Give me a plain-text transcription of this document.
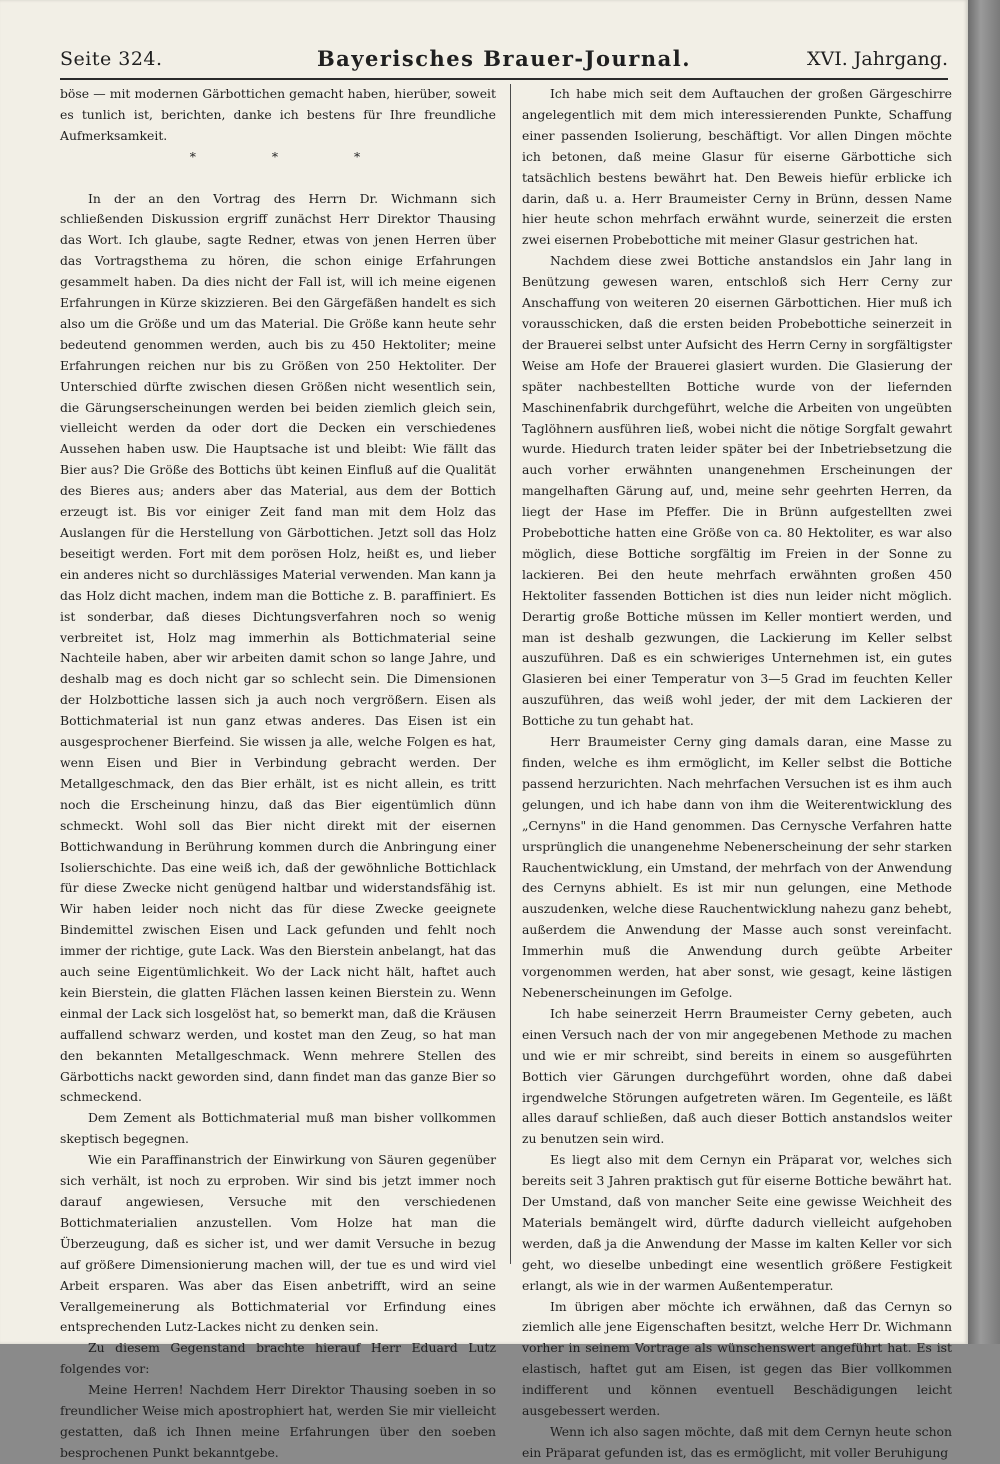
Seite 324.	Bayerisches Brauer-Journal.	XVI. Jahrgang.

böse — mit modernen Gärbottichen gemacht haben, hierüber, soweit es tunlich ist, berichten, danke ich bestens für Ihre freundliche Aufmerksamkeit.

* * *

In der an den Vortrag des Herrn Dr. Wichmann sich schließenden Diskussion ergriff zunächst Herr Direktor Thausing das Wort. Ich glaube, sagte Redner, etwas von jenen Herren über das Vortragsthema zu hören, die schon einige Erfahrungen gesammelt haben. Da dies nicht der Fall ist, will ich meine eigenen Erfahrungen in Kürze skizzieren. Bei den Gärgefäßen handelt es sich also um die Größe und um das Material. Die Größe kann heute sehr bedeutend genommen werden, auch bis zu 450 Hektoliter; meine Erfahrungen reichen nur bis zu Größen von 250 Hektoliter. Der Unterschied dürfte zwischen diesen Größen nicht wesentlich sein, die Gärungserscheinungen werden bei beiden ziemlich gleich sein, vielleicht werden da oder dort die Decken ein verschiedenes Aussehen haben usw. Die Hauptsache ist und bleibt: Wie fällt das Bier aus? Die Größe des Bottichs übt keinen Einfluß auf die Qualität des Bieres aus; anders aber das Material, aus dem der Bottich erzeugt ist. Bis vor einiger Zeit fand man mit dem Holz das Auslangen für die Herstellung von Gärbottichen. Jetzt soll das Holz beseitigt werden. Fort mit dem porösen Holz, heißt es, und lieber ein anderes nicht so durchlässiges Material verwenden. Man kann ja das Holz dicht machen, indem man die Bottiche z. B. paraffiniert. Es ist sonderbar, daß dieses Dichtungsverfahren noch so wenig verbreitet ist, Holz mag immerhin als Bottichmaterial seine Nachteile haben, aber wir arbeiten damit schon so lange Jahre, und deshalb mag es doch nicht gar so schlecht sein. Die Dimensionen der Holzbottiche lassen sich ja auch noch vergrößern. Eisen als Bottichmaterial ist nun ganz etwas anderes. Das Eisen ist ein ausgesprochener Bierfeind. Sie wissen ja alle, welche Folgen es hat, wenn Eisen und Bier in Verbindung gebracht werden. Der Metallgeschmack, den das Bier erhält, ist es nicht allein, es tritt noch die Erscheinung hinzu, daß das Bier eigentümlich dünn schmeckt. Wohl soll das Bier nicht direkt mit der eisernen Bottichwandung in Berührung kommen durch die Anbringung einer Isolierschichte. Das eine weiß ich, daß der gewöhnliche Bottichlack für diese Zwecke nicht genügend haltbar und widerstandsfähig ist. Wir haben leider noch nicht das für diese Zwecke geeignete Bindemittel zwischen Eisen und Lack gefunden und fehlt noch immer der richtige, gute Lack. Was den Bierstein anbelangt, hat das auch seine Eigentümlichkeit. Wo der Lack nicht hält, haftet auch kein Bierstein, die glatten Flächen lassen keinen Bierstein zu. Wenn einmal der Lack sich losgelöst hat, so bemerkt man, daß die Kräusen auffallend schwarz werden, und kostet man den Zeug, so hat man den bekannten Metallgeschmack. Wenn mehrere Stellen des Gärbottichs nackt geworden sind, dann findet man das ganze Bier so schmeckend.

Dem Zement als Bottichmaterial muß man bisher vollkommen skeptisch begegnen.

Wie ein Paraffinanstrich der Einwirkung von Säuren gegenüber sich verhält, ist noch zu erproben. Wir sind bis jetzt immer noch darauf angewiesen, Versuche mit den verschiedenen Bottichmaterialien anzustellen. Vom Holze hat man die Überzeugung, daß es sicher ist, und wer damit Versuche in bezug auf größere Dimensionierung machen will, der tue es und wird viel Arbeit ersparen. Was aber das Eisen anbetrifft, wird an seine Verallgemeinerung als Bottichmaterial vor Erfindung eines entsprechenden Lutz-Lackes nicht zu denken sein.

Zu diesem Gegenstand brachte hierauf Herr Eduard Lutz folgendes vor:

Meine Herren! Nachdem Herr Direktor Thausing soeben in so freundlicher Weise mich apostrophiert hat, werden Sie mir vielleicht gestatten, daß ich Ihnen meine Erfahrungen über den soeben besprochenen Punkt bekanntgebe.

Ich habe mich seit dem Auftauchen der großen Gärgeschirre angelegentlich mit dem mich interessierenden Punkte, Schaffung einer passenden Isolierung, beschäftigt. Vor allen Dingen möchte ich betonen, daß meine Glasur für eiserne Gärbottiche sich tatsächlich bestens bewährt hat. Den Beweis hiefür erblicke ich darin, daß u. a. Herr Braumeister Cerny in Brünn, dessen Name hier heute schon mehrfach erwähnt wurde, seinerzeit die ersten zwei eisernen Probebottiche mit meiner Glasur gestrichen hat.

Nachdem diese zwei Bottiche anstandslos ein Jahr lang in Benützung gewesen waren, entschloß sich Herr Cerny zur Anschaffung von weiteren 20 eisernen Gärbottichen. Hier muß ich vorausschicken, daß die ersten beiden Probebottiche seinerzeit in der Brauerei selbst unter Aufsicht des Herrn Cerny in sorgfältigster Weise am Hofe der Brauerei glasiert wurden. Die Glasierung der später nachbestellten Bottiche wurde von der liefernden Maschinenfabrik durchgeführt, welche die Arbeiten von ungeübten Taglöhnern ausführen ließ, wobei nicht die nötige Sorgfalt gewahrt wurde. Hiedurch traten leider später bei der Inbetriebsetzung die auch vorher erwähnten unangenehmen Erscheinungen der mangelhaften Gärung auf, und, meine sehr geehrten Herren, da liegt der Hase im Pfeffer. Die in Brünn aufgestellten zwei Probebottiche hatten eine Größe von ca. 80 Hektoliter, es war also möglich, diese Bottiche sorgfältig im Freien in der Sonne zu lackieren. Bei den heute mehrfach erwähnten großen 450 Hektoliter fassenden Bottichen ist dies nun leider nicht möglich. Derartig große Bottiche müssen im Keller montiert werden, und man ist deshalb gezwungen, die Lackierung im Keller selbst auszuführen. Daß es ein schwieriges Unternehmen ist, ein gutes Glasieren bei einer Temperatur von 3—5 Grad im feuchten Keller auszuführen, das weiß wohl jeder, der mit dem Lackieren der Bottiche zu tun gehabt hat.

Herr Braumeister Cerny ging damals daran, eine Masse zu finden, welche es ihm ermöglicht, im Keller selbst die Bottiche passend herzurichten. Nach mehrfachen Versuchen ist es ihm auch gelungen, und ich habe dann von ihm die Weiterentwicklung des „Cernyns" in die Hand genommen. Das Cernysche Verfahren hatte ursprünglich die unangenehme Nebenerscheinung der sehr starken Rauchentwicklung, ein Umstand, der mehrfach von der Anwendung des Cernyns abhielt. Es ist mir nun gelungen, eine Methode auszudenken, welche diese Rauchentwicklung nahezu ganz behebt, außerdem die Anwendung der Masse auch sonst vereinfacht. Immerhin muß die Anwendung durch geübte Arbeiter vorgenommen werden, hat aber sonst, wie gesagt, keine lästigen Nebenerscheinungen im Gefolge.

Ich habe seinerzeit Herrn Braumeister Cerny gebeten, auch einen Versuch nach der von mir angegebenen Methode zu machen und wie er mir schreibt, sind bereits in einem so ausgeführten Bottich vier Gärungen durchgeführt worden, ohne daß dabei irgendwelche Störungen aufgetreten wären. Im Gegenteile, es läßt alles darauf schließen, daß auch dieser Bottich anstandslos weiter zu benutzen sein wird.

Es liegt also mit dem Cernyn ein Präparat vor, welches sich bereits seit 3 Jahren praktisch gut für eiserne Bottiche bewährt hat. Der Umstand, daß von mancher Seite eine gewisse Weichheit des Materials bemängelt wird, dürfte dadurch vielleicht aufgehoben werden, daß ja die Anwendung der Masse im kalten Keller vor sich geht, wo dieselbe unbedingt eine wesentlich größere Festigkeit erlangt, als wie in der warmen Außentemperatur.

Im übrigen aber möchte ich erwähnen, daß das Cernyn so ziemlich alle jene Eigenschaften besitzt, welche Herr Dr. Wichmann vorher in seinem Vortrage als wünschenswert angeführt hat. Es ist elastisch, haftet gut am Eisen, ist gegen das Bier vollkommen indifferent und können eventuell Beschädigungen leicht ausgebessert werden.

Wenn ich also sagen möchte, daß mit dem Cernyn heute schon ein Präparat gefunden ist, das es ermöglicht, mit voller Beruhigung
